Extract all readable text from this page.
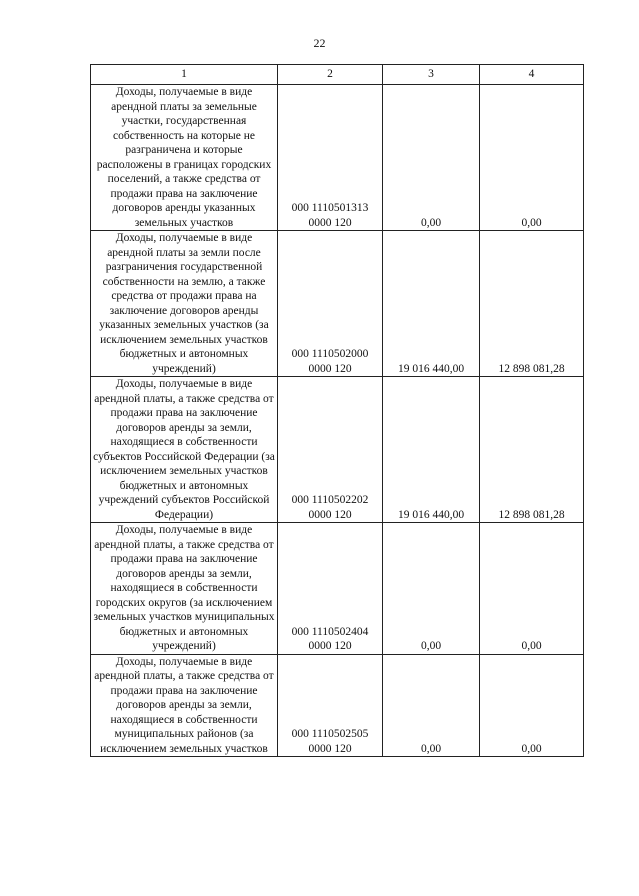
22
1	2	3	4
Доходы, получаемые в виде арендной платы за земельные участки, государственная собственность на которые не разграничена и которые расположены в границах городских поселений, а также средства от продажи права на заключение договоров аренды указанных земельных участков	000 1110501313 0000 120	0,00	0,00
Доходы, получаемые в виде арендной платы за земли после разграничения государственной собственности на землю, а также средства от продажи права на заключение договоров аренды указанных земельных участков (за исключением земельных участков бюджетных и автономных учреждений)	000 1110502000 0000 120	19 016 440,00	12 898 081,28
Доходы, получаемые в виде арендной платы, а также средства от продажи права на заключение договоров аренды за земли, находящиеся в собственности субъектов Российской Федерации (за исключением земельных участков бюджетных и автономных учреждений субъектов Российской Федерации)	000 1110502202 0000 120	19 016 440,00	12 898 081,28
Доходы, получаемые в виде арендной платы, а также средства от продажи права на заключение договоров аренды за земли, находящиеся в собственности городских округов (за исключением земельных участков муниципальных бюджетных и автономных учреждений)	000 1110502404 0000 120	0,00	0,00
Доходы, получаемые в виде арендной платы, а также средства от продажи права на заключение договоров аренды за земли, находящиеся в собственности муниципальных районов (за исключением земельных участков	000 1110502505 0000 120	0,00	0,00
